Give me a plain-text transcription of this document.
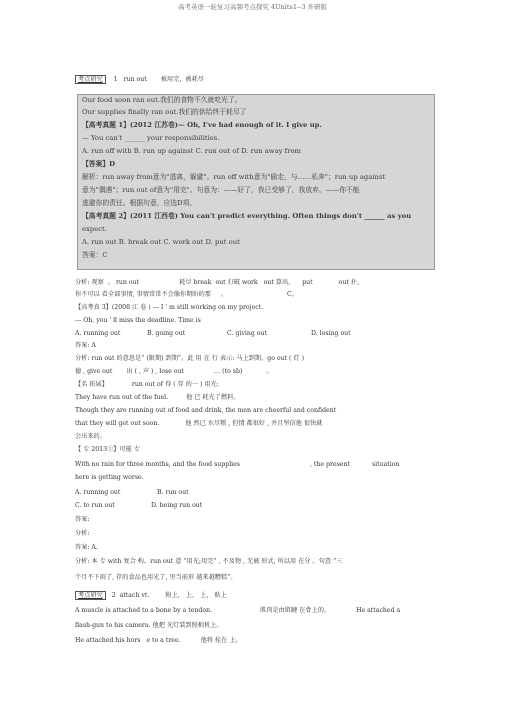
高考英语一轮复习高频考点探究 4Units1--3 外研版
考点研究 1 run out 被用完，被耗尽
Our food soon ran out.我们的食物不久就吃光了。
Our supplies finally ran out.我们的供给终于耗尽了
【高考真题 1】(2012 江苏卷)— Oh, I've had enough of it. I give up.
— You can't ______ your responsibilities.
A. run off with B. run up against C. run out of D. run away from
【答案】D
解析：run away from意为"逃离，躲避"。run off with意为"偷走，与……私奔"；run up against
意为"偶遇"；run out of意为"用完"。句意为：——好了，我已受够了，我放弃。——你不能
逃避你的责任。根据句意，应选D项。
【高考真题 2】(2011 江西卷) You can't predict everything. Often things don't ______ as you
expect.
A. run out B. break out C. work out D. put out
答案：C
分析: 观察 。 run out	耗尽 break out 打破 work out 算出, put	out 扑，
你不可以 看全部事情, 事情常常不会像你期盼的那 。	C。
【高考真 3】(2008 江 卷 ) --- I ' m still working on my project.
--- Oh, you ' ll miss the deadline. Time is
A. running out	B. going out	C. giving out	D. losing out
答案: A
分析: run out 的意思是“ (限期) 到期”。此 用 在 行 表示: 马上到期。go out ( 灯 )
德 , give out 出 ( , 声 ) , lose out	… (to sb)	。
【名 拓展】	run out of 得 ( 存 的一 ) 用光:
They have run out of the fuel.	他 已 耗光了燃料。
Though they are running out of food and drink, the men are cheerful and confident
that they will get out soon.	他 然已 水尽粮 , 但情 都很好 , 并且坚信他 很快就
会出来的。
【 专 2013①】可能 专
With no rain for three months, and the food supplies	, the present	situation
here is getting worse.
A. running out	B. run out
C. to run out	D. being run out
答案:
分析:
答案: A.
分析: 本 专 with 复合 构。run out 意 “用光;用完” , 不及物 , 无被 形式, 所以用 在分 。句意 “三
个月不下雨了, 存的食品也用光了, 里当前形 越来越糟糕”。
考点研究 2 attach vt.	附上， 上， 上， 粘上
A muscle is attached to a bone by a tendon.	肌肉是由肌腱 在骨上的。	He attached a
flash-gun to his camera. 他把 光灯装到照相机上。
He attached his hors e to a tree.	他将 拴在 上。
